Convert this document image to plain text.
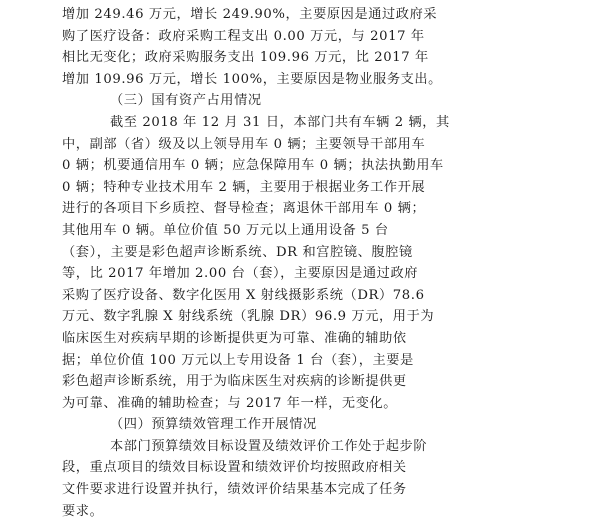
增加 249.46 万元，增长 249.90%，主要原因是通过政府采
购了医疗设备：政府采购工程支出 0.00 万元，与 2017 年
相比无变化；政府采购服务支出 109.96 万元，比 2017 年
增加 109.96 万元，增长 100%，主要原因是物业服务支出。
（三）国有资产占用情况
截至 2018 年 12 月 31 日，本部门共有车辆 2 辆，其
中，副部（省）级及以上领导用车 0 辆；主要领导干部用车
0 辆；机要通信用车 0 辆；应急保障用车 0 辆；执法执勤用车
0 辆；特种专业技术用车 2 辆，主要用于根据业务工作开展
进行的各项目下乡质控、督导检查；离退休干部用车 0 辆；
其他用车 0 辆。单位价值 50 万元以上通用设备 5 台
（套），主要是彩色超声诊断系统、DR 和宫腔镜、腹腔镜
等，比 2017 年增加 2.00 台（套），主要原因是通过政府
采购了医疗设备、数字化医用 X 射线摄影系统（DR）78.6
万元、数字乳腺 X 射线系统（乳腺 DR）96.9 万元，用于为
临床医生对疾病早期的诊断提供更为可靠、准确的辅助依
据；单位价值 100 万元以上专用设备 1 台（套），主要是
彩色超声诊断系统，用于为临床医生对疾病的诊断提供更
为可靠、准确的辅助检查；与 2017 年一样，无变化。
（四）预算绩效管理工作开展情况
本部门预算绩效目标设置及绩效评价工作处于起步阶
段，重点项目的绩效目标设置和绩效评价均按照政府相关
文件要求进行设置并执行，绩效评价结果基本完成了任务
要求。
